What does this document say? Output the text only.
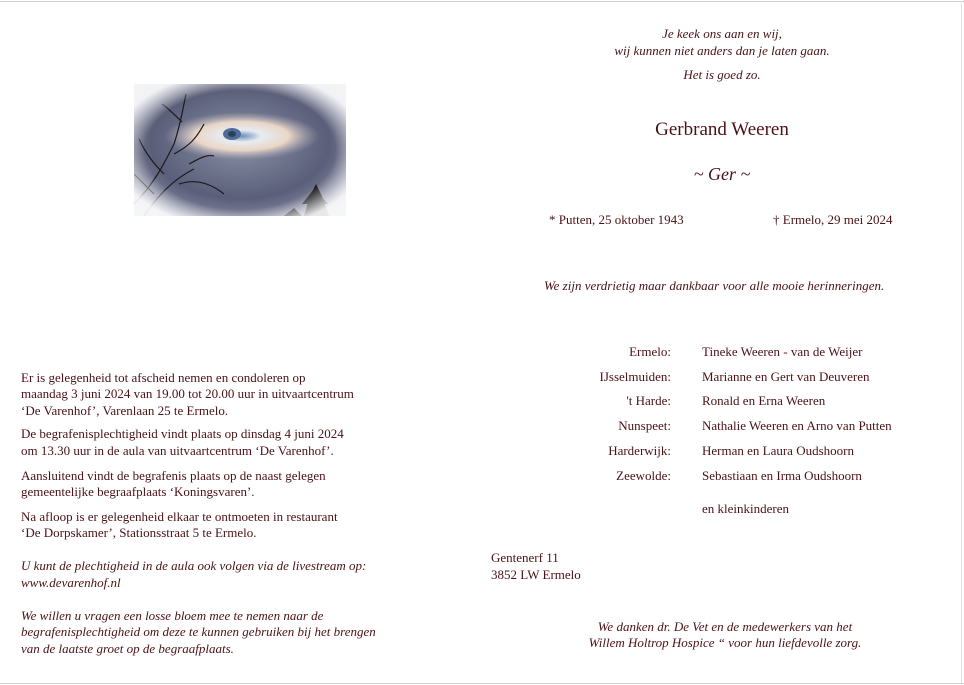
Je keek ons aan en wij,
wij kunnen niet anders dan je laten gaan.
Het is goed zo.
Gerbrand Weeren
~ Ger ~
* Putten, 25 oktober 1943	† Ermelo, 29 mei 2024
We zijn verdrietig maar dankbaar voor alle mooie herinneringen.
Ermelo: Tineke Weeren - van de Weijer
IJsselmuiden: Marianne en Gert van Deuveren
't Harde: Ronald en Erna Weeren
Nunspeet: Nathalie Weeren en Arno van Putten
Harderwijk: Herman en Laura Oudshoorn
Zeewolde: Sebastiaan en Irma Oudshoorn
en kleinkinderen
Gentenerf 11
3852 LW Ermelo
We danken dr. De Vet en de medewerkers van het
Willem Holtrop Hospice “ voor hun liefdevolle zorg.
Er is gelegenheid tot afscheid nemen en condoleren op
maandag 3 juni 2024 van 19.00 tot 20.00 uur in uitvaartcentrum
‘De Varenhof’, Varenlaan 25 te Ermelo.
De begrafenisplechtigheid vindt plaats op dinsdag 4 juni 2024
om 13.30 uur in de aula van uitvaartcentrum ‘De Varenhof’.
Aansluitend vindt de begrafenis plaats op de naast gelegen
gemeentelijke begraafplaats ‘Koningsvaren’.
Na afloop is er gelegenheid elkaar te ontmoeten in restaurant
‘De Dorpskamer’, Stationsstraat 5 te Ermelo.
U kunt de plechtigheid in de aula ook volgen via de livestream op:
www.devarenhof.nl
We willen u vragen een losse bloem mee te nemen naar de
begrafenisplechtigheid om deze te kunnen gebruiken bij het brengen
van de laatste groet op de begraafplaats.
